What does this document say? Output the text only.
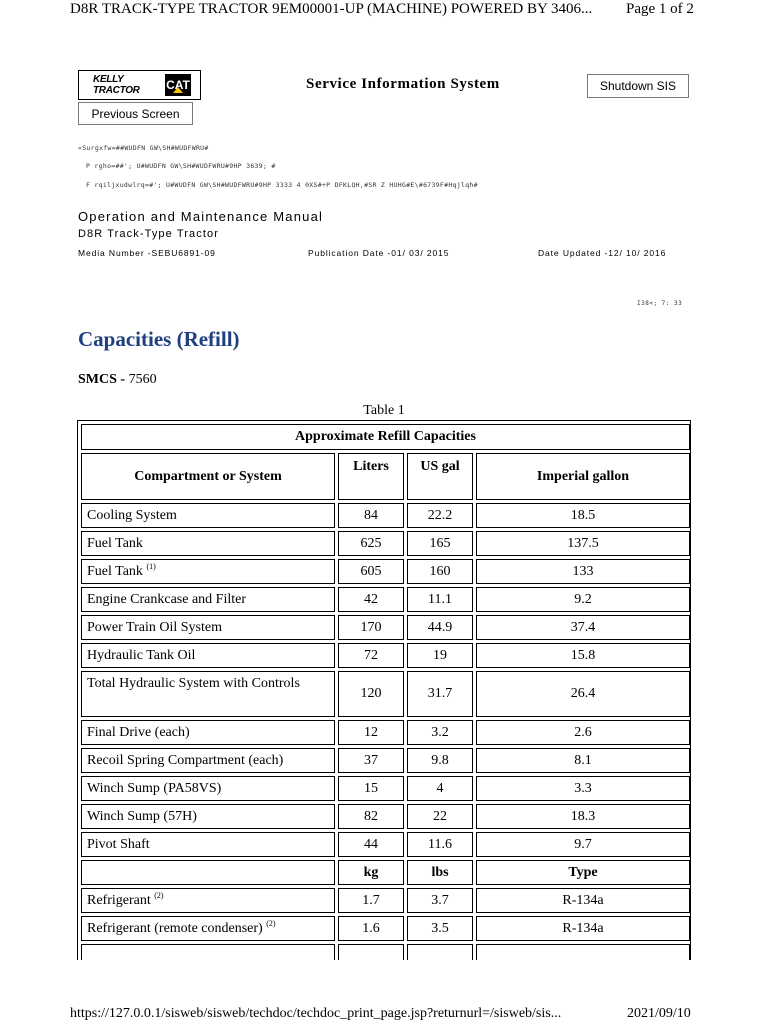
D8R TRACK-TYPE TRACTOR 9EM00001-UP (MACHINE) POWERED BY 3406... Page 1 of 2
KELLY TRACTOR	CAT	Service Information System	Shutdown SIS
Previous Screen
«Surgxfw=##WUDFN GW\SH#WUDFWRU#
P rgho=##'; U#WUDFN GW\SH#WUDFWRU#9HP 3639; #
F rqiljxudwlrq=#'; U#WUDFN GW\SH#WUDFWRU#9HP 3333 4 0XS#+P DFKLQH,#SR Z HUHG#E\#6739F#Hqjlqh#
Operation and Maintenance Manual
D8R Track-Type Tractor
Media Number -SEBU6891-09	Publication Date -01/ 03/ 2015	Date Updated -12/ 10/ 2016
I38<; 7: 33
Capacities (Refill)
SMCS - 7560
Table 1
Approximate Refill Capacities			
Compartment or System	Liters	US gal	Imperial gallon
Cooling System	84	22.2	18.5
Fuel Tank	625	165	137.5
Fuel Tank $^{(1)}$	605	160	133
Engine Crankcase and Filter	42	11.1	9.2
Power Train Oil System	170	44.9	37.4
Hydraulic Tank Oil	72	19	15.8
Total Hydraulic System with Controls	120	31.7	26.4
Final Drive (each)	12	3.2	2.6
Recoil Spring Compartment (each)	37	9.8	8.1
Winch Sump (PA58VS)	15	4	3.3
Winch Sump (57H)	82	22	18.3
Pivot Shaft	44	11.6	9.7
	kg	lbs	Type
Refrigerant $^{(2)}$	1.7	3.7	R-134a
Refrigerant (remote condenser) $^{(2)}$	1.6	3.5	R-134a

https://127.0.0.1/sisweb/sisweb/techdoc/techdoc_print_page.jsp?returnurl=/sisweb/sis...	2021/09/10
